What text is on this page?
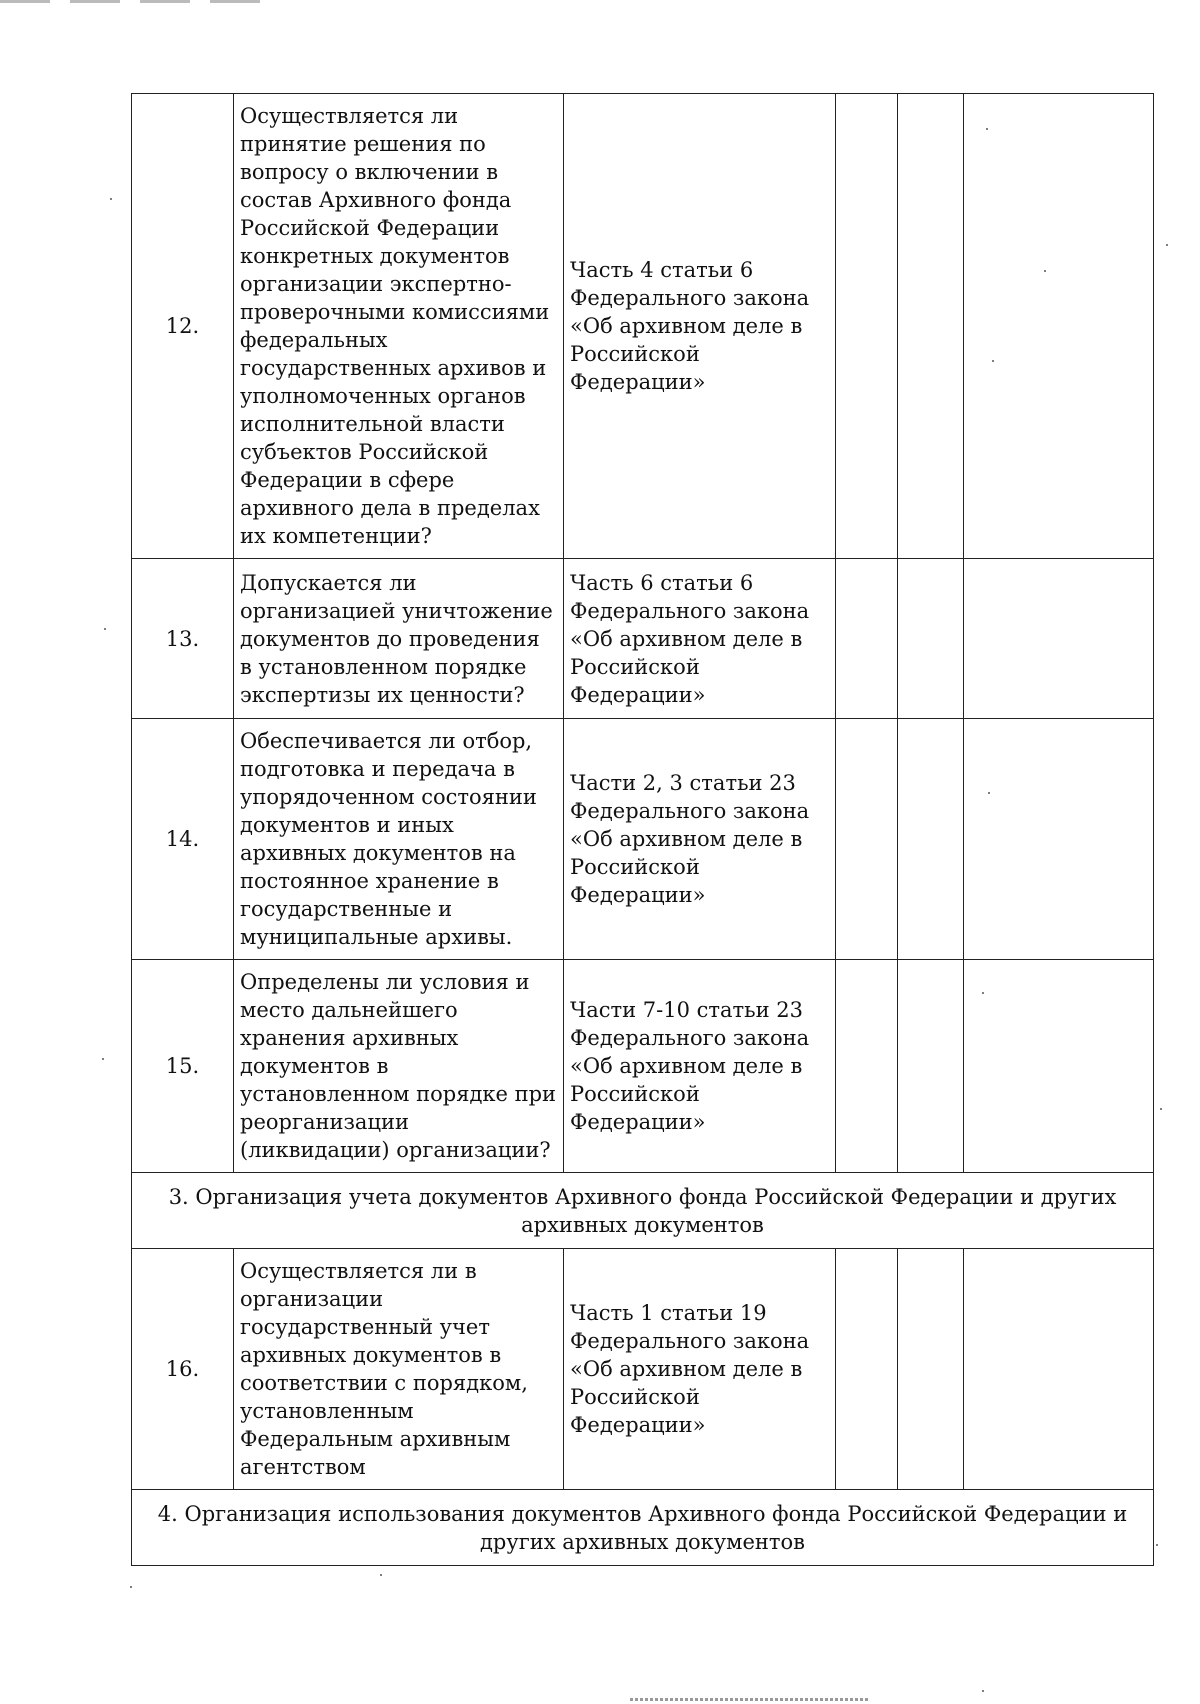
12.	Осуществляется ли принятие решения по вопросу о включении в состав Архивного фонда Российской Федерации конкретных документов организации экспертно-проверочными комиссиями федеральных государственных архивов и уполномоченных органов исполнительной власти субъектов Российской Федерации в сфере архивного дела в пределах их компетенции?	Часть 4 статьи 6 Федерального закона «Об архивном деле в Российской Федерации»			
13.	Допускается ли организацией уничтожение документов до проведения в установленном порядке экспертизы их ценности?	Часть 6 статьи 6 Федерального закона «Об архивном деле в Российской Федерации»			
14.	Обеспечивается ли отбор, подготовка и передача в упорядоченном состоянии документов и иных архивных документов на постоянное хранение в государственные и муниципальные архивы.	Части 2, 3 статьи 23 Федерального закона «Об архивном деле в Российской Федерации»			
15.	Определены ли условия и место дальнейшего хранения архивных документов в установленном порядке при реорганизации (ликвидации) организации?	Части 7-10 статьи 23 Федерального закона «Об архивном деле в Российской Федерации»			
3. Организация учета документов Архивного фонда Российской Федерации и других архивных документов					
16.	Осуществляется ли в организации государственный учет архивных документов в соответствии с порядком, установленным Федеральным архивным агентством	Часть 1 статьи 19 Федерального закона «Об архивном деле в Российской Федерации»			
4. Организация использования документов Архивного фонда Российской Федерации и других архивных документов					
